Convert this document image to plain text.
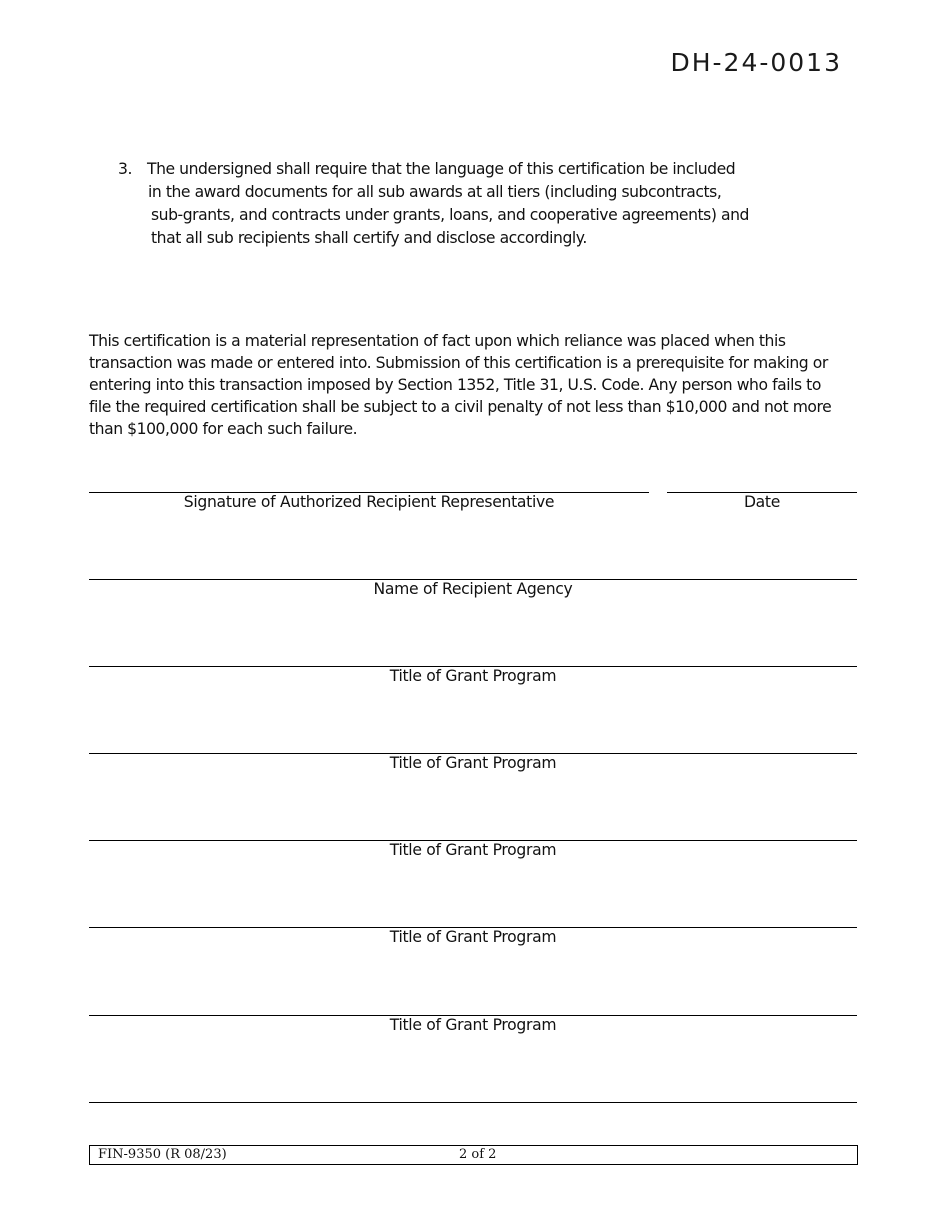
DH-24-0013
3. The undersigned shall require that the language of this certification be included
in the award documents for all sub awards at all tiers (including subcontracts,
sub-grants, and contracts under grants, loans, and cooperative agreements) and
that all sub recipients shall certify and disclose accordingly.
This certification is a material representation of fact upon which reliance was placed when this
transaction was made or entered into. Submission of this certification is a prerequisite for making or
entering into this transaction imposed by Section 1352, Title 31, U.S. Code. Any person who fails to
file the required certification shall be subject to a civil penalty of not less than $10,000 and not more
than $100,000 for each such failure.
Signature of Authorized Recipient Representative	Date
Name of Recipient Agency
Title of Grant Program
Title of Grant Program
Title of Grant Program
Title of Grant Program
Title of Grant Program
FIN-9350 (R 08/23)	2 of 2
